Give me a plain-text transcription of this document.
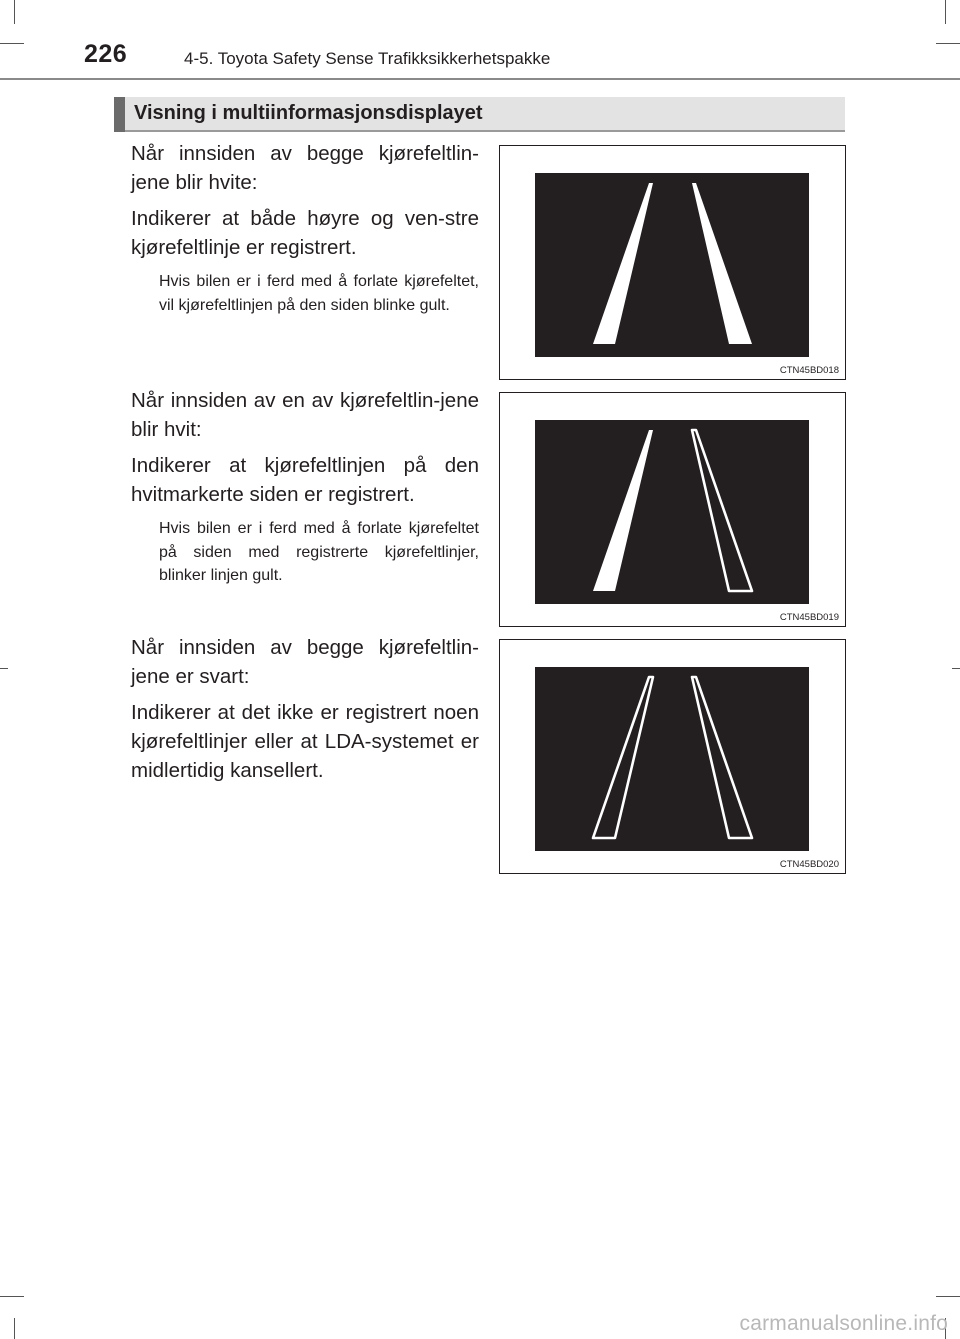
226	4-5. Toyota Safety Sense Trafikksikkerhetspakke
Visning i multiinformasjonsdisplayet

Når innsiden av begge kjørefeltlin-jene blir hvite:

Indikerer at både høyre og ven-stre kjørefeltlinje er registrert.

Hvis bilen er i ferd med å forlate kjørefeltet, vil kjørefeltlinjen på den siden blinke gult.

CTN45BD018

Når innsiden av en av kjørefeltlin-jene blir hvit:

Indikerer at kjørefeltlinjen på den hvitmarkerte siden er registrert.

Hvis bilen er i ferd med å forlate kjørefeltet på siden med registrerte kjørefeltlinjer, blinker linjen gult.

CTN45BD019

Når innsiden av begge kjørefeltlin-jene er svart:

Indikerer at det ikke er registrert noen kjørefeltlinjer eller at LDA-systemet er midlertidig kansellert.

CTN45BD020
carmanualsonline.info
